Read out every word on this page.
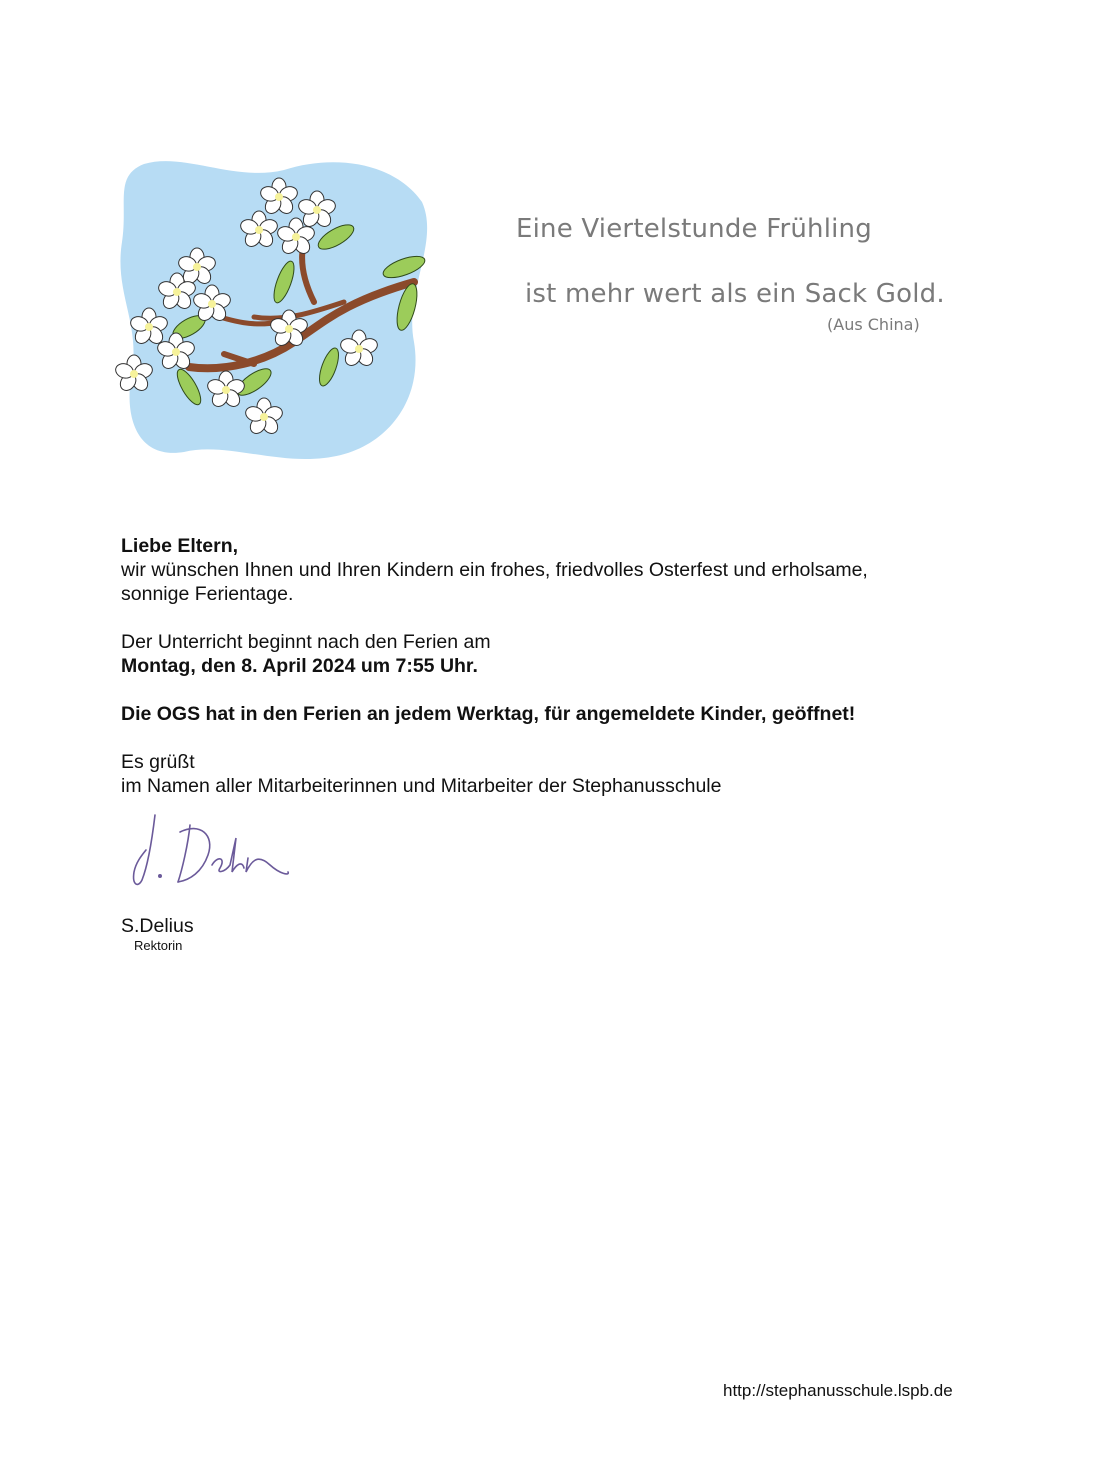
Eine Viertelstunde Frühling
ist mehr wert als ein Sack Gold.
(Aus China)

Liebe Eltern,

wir wünschen Ihnen und Ihren Kindern ein frohes, friedvolles Osterfest und erholsame,

sonnige Ferientage.

Der Unterricht beginnt nach den Ferien am

Montag, den 8. April 2024 um 7:55 Uhr.

Die OGS hat in den Ferien an jedem Werktag, für angemeldete Kinder, geöffnet!

Es grüßt

im Namen aller Mitarbeiterinnen und Mitarbeiter der Stephanusschule

S.Delius
Rektorin
http://stephanusschule.lspb.de
